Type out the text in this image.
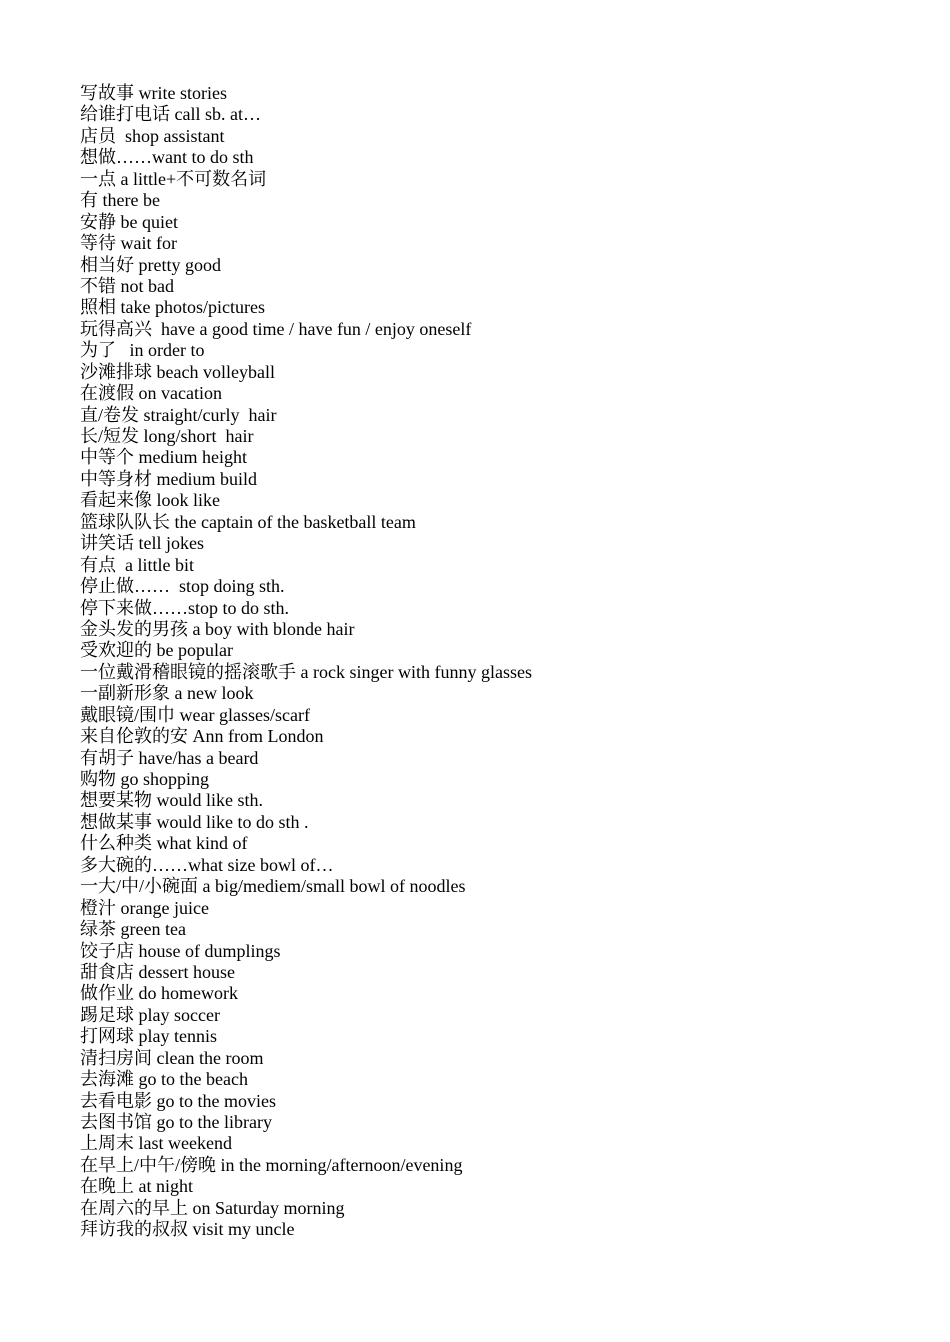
写故事 write stories
给谁打电话 call sb. at…
店员  shop assistant
想做……want to do sth
一点 a little+不可数名词
有 there be
安静 be quiet
等待 wait for
相当好 pretty good
不错 not bad
照相 take photos/pictures
玩得高兴  have a good time / have fun / enjoy oneself
为了   in order to
沙滩排球 beach volleyball
在渡假 on vacation
直/卷发 straight/curly  hair
长/短发 long/short  hair
中等个 medium height
中等身材 medium build
看起来像 look like
篮球队队长 the captain of the basketball team
讲笑话 tell jokes
有点  a little bit
停止做……  stop doing sth.
停下来做……stop to do sth.
金头发的男孩 a boy with blonde hair
受欢迎的 be popular
一位戴滑稽眼镜的摇滚歌手 a rock singer with funny glasses
一副新形象 a new look
戴眼镜/围巾 wear glasses/scarf
来自伦敦的安 Ann from London
有胡子 have/has a beard
购物 go shopping
想要某物 would like sth.
想做某事 would like to do sth .
什么种类 what kind of
多大碗的……what size bowl of…
一大/中/小碗面 a big/mediem/small bowl of noodles
橙汁 orange juice
绿茶 green tea
饺子店 house of dumplings
甜食店 dessert house
做作业 do homework
踢足球 play soccer
打网球 play tennis
清扫房间 clean the room
去海滩 go to the beach
去看电影 go to the movies
去图书馆 go to the library
上周末 last weekend
在早上/中午/傍晚 in the morning/afternoon/evening
在晚上 at night
在周六的早上 on Saturday morning
拜访我的叔叔 visit my uncle
